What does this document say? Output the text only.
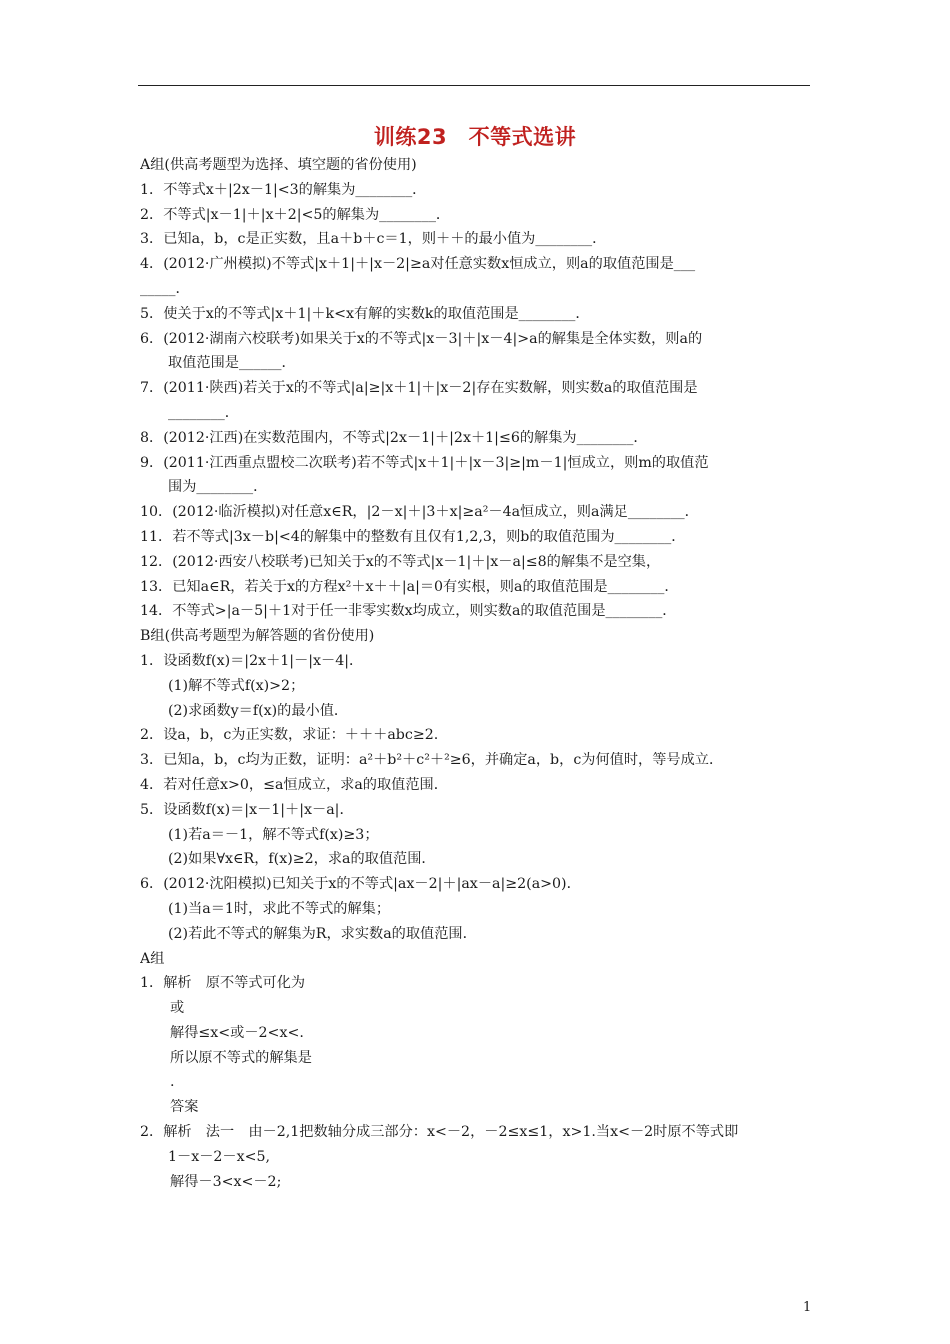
训练23　不等式选讲
A组(供高考题型为选择、填空题的省份使用)
1．不等式x＋|2x－1|<3的解集为________．
2．不等式|x－1|＋|x＋2|<5的解集为________．
3．已知a，b，c是正实数，且a＋b＋c＝1，则＋＋的最小值为________．
4．(2012·广州模拟)不等式|x＋1|＋|x－2|≥a对任意实数x恒成立，则a的取值范围是___
_____．
5．使关于x的不等式|x＋1|＋k<x有解的实数k的取值范围是________．
6．(2012·湖南六校联考)如果关于x的不等式|x－3|＋|x－4|>a的解集是全体实数，则a的
取值范围是______．
7．(2011·陕西)若关于x的不等式|a|≥|x＋1|＋|x－2|存在实数解，则实数a的取值范围是
________．
8．(2012·江西)在实数范围内，不等式|2x－1|＋|2x＋1|≤6的解集为________．
9．(2011·江西重点盟校二次联考)若不等式|x＋1|＋|x－3|≥|m－1|恒成立，则m的取值范
围为________．
10．(2012·临沂模拟)对任意x∈R，|2－x|＋|3＋x|≥a²－4a恒成立，则a满足________．
11．若不等式|3x－b|<4的解集中的整数有且仅有1,2,3，则b的取值范围为________．
12．(2012·西安八校联考)已知关于x的不等式|x－1|＋|x－a|≤8的解集不是空集，
13．已知a∈R，若关于x的方程x²＋x＋＋|a|＝0有实根，则a的取值范围是________．
14．不等式>|a－5|＋1对于任一非零实数x均成立，则实数a的取值范围是________．
B组(供高考题型为解答题的省份使用)
1．设函数f(x)＝|2x＋1|－|x－4|．
(1)解不等式f(x)>2；
(2)求函数y＝f(x)的最小值．
2．设a，b，c为正实数，求证：＋＋＋abc≥2.
3．已知a，b，c均为正数，证明：a²＋b²＋c²＋²≥6，并确定a，b，c为何值时，等号成立．
4．若对任意x>0，≤a恒成立，求a的取值范围．
5．设函数f(x)＝|x－1|＋|x－a|．
(1)若a＝－1，解不等式f(x)≥3；
(2)如果∀x∈R，f(x)≥2，求a的取值范围．
6．(2012·沈阳模拟)已知关于x的不等式|ax－2|＋|ax－a|≥2(a>0)．
(1)当a＝1时，求此不等式的解集；
(2)若此不等式的解集为R，求实数a的取值范围．
A组
1．解析　原不等式可化为
或
解得≤x<或－2<x<.
所以原不等式的解集是
.
答案
2．解析　法一　由－2,1把数轴分成三部分：x<－2，－2≤x≤1，x>1.当x<－2时原不等式即
1－x－2－x<5,
解得－3<x<－2;
1
